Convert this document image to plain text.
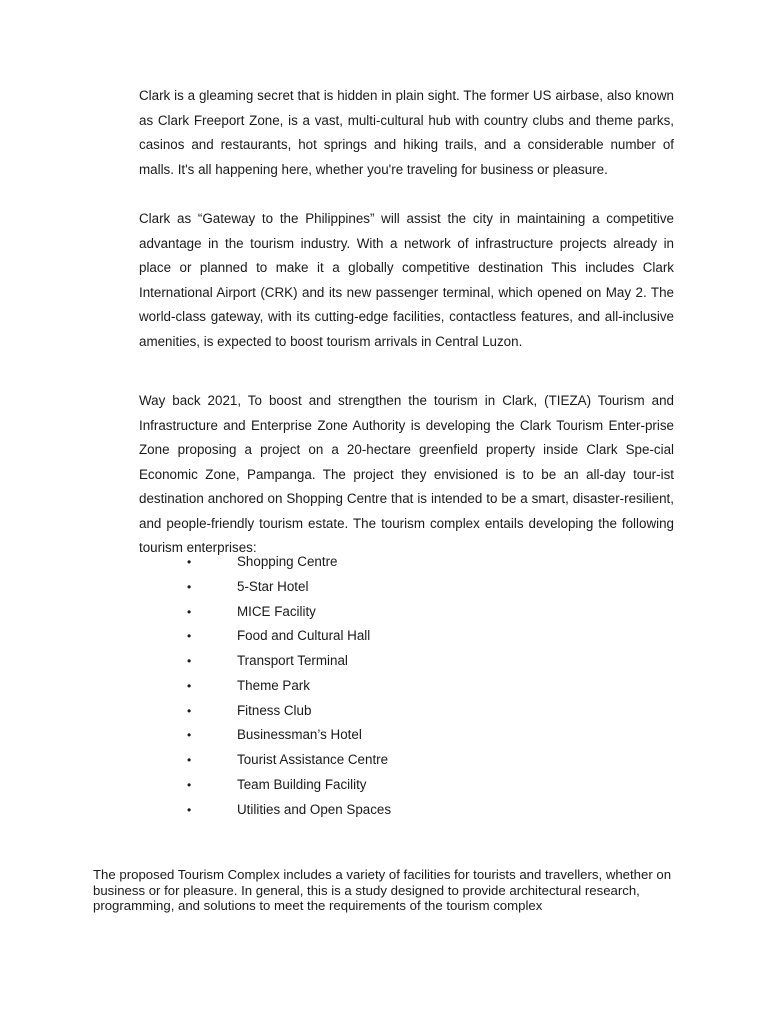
Clark is a gleaming secret that is hidden in plain sight. The former US airbase, also known as Clark Freeport Zone, is a vast, multi-cultural hub with country clubs and theme parks, casinos and restaurants, hot springs and hiking trails, and a considerable number of malls. It's all happening here, whether you're traveling for business or pleasure.

Clark as “Gateway to the Philippines” will assist the city in maintaining a competitive advantage in the tourism industry. With a network of infrastructure projects already in place or planned to make it a globally competitive destination This includes Clark International Airport (CRK) and its new passenger terminal, which opened on May 2. The world-class gateway, with its cutting-edge facilities, contactless features, and all-inclusive amenities, is expected to boost tourism arrivals in Central Luzon.

Way back 2021, To boost and strengthen the tourism in Clark, (TIEZA) Tourism and Infrastructure and Enterprise Zone Authority is developing the Clark Tourism Enter-prise Zone proposing a project on a 20-hectare greenfield property inside Clark Spe-cial Economic Zone, Pampanga. The project they envisioned is to be an all-day tour-ist destination anchored on Shopping Centre that is intended to be a smart, disaster-resilient, and people-friendly tourism estate. The tourism complex entails developing the following tourism enterprises:

•	Shopping Centre
•	5-Star Hotel
•	MICE Facility
•	Food and Cultural Hall
•	Transport Terminal
•	Theme Park
•	Fitness Club
•	Businessman’s Hotel
•	Tourist Assistance Centre
•	Team Building Facility
•	Utilities and Open Spaces

The proposed Tourism Complex includes a variety of facilities for tourists and travellers, whether on business or for pleasure. In general, this is a study designed to provide architectural research, programming, and solutions to meet the requirements of the tourism complex
